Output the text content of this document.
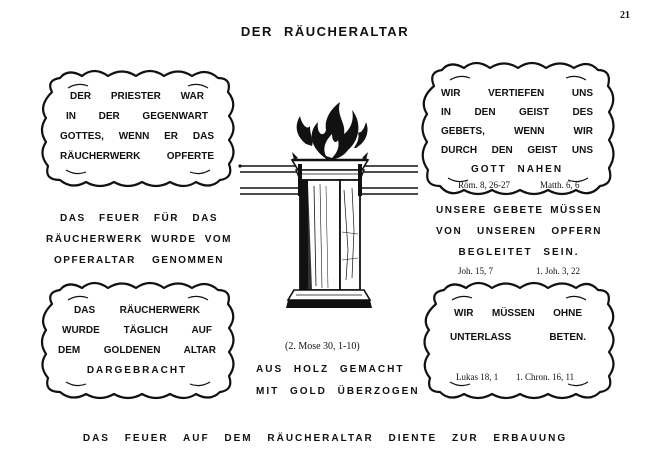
21
DER RÄUCHERALTAR
DER PRIESTER WAR
IN DER GEGENWART
GOTTES, WENN ER DAS
RÄUCHERWERK OPFERTE
WIR VERTIEFEN UNS
IN DEN GEIST DES
GEBETS, WENN WIR
DURCH DEN GEIST UNS
GOTT NAHEN
Röm. 8, 26-27	Matth. 6, 6
DAS FEUER FÜR DAS
RÄUCHERWERK WURDE VOM
OPFERALTAR GENOMMEN
UNSERE GEBETE MÜSSEN
VON UNSEREN OPFERN
BEGLEITET SEIN.
Joh. 15, 7	1. Joh. 3, 22
DAS RÄUCHERWERK
WURDE TÄGLICH AUF
DEM GOLDENEN ALTAR
DARGEBRACHT
WIR MÜSSEN OHNE
UNTERLASS BETEN.
Lukas 18, 1 1. Chron. 16, 11
(2. Mose 30, 1-10)
AUS HOLZ GEMACHT
MIT GOLD ÜBERZOGEN
DAS FEUER AUF DEM RÄUCHERALTAR DIENTE ZUR ERBAUUNG
